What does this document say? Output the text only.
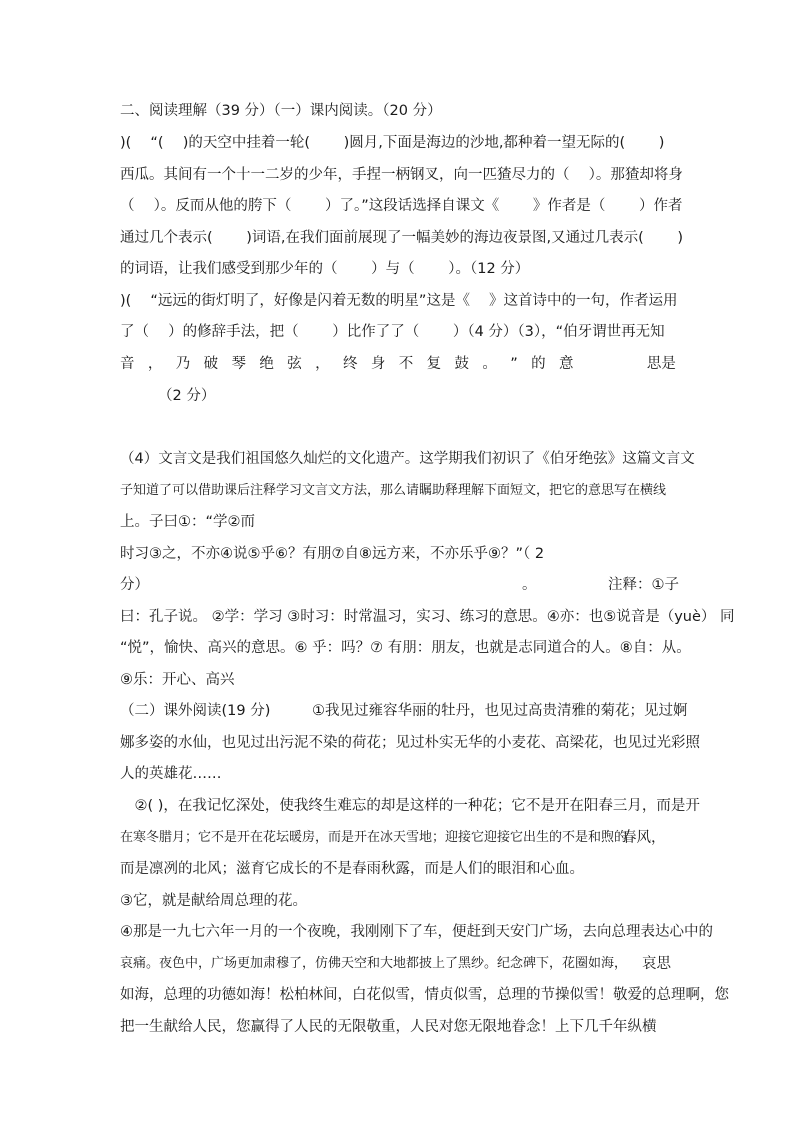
二、阅读理解（39 分）（一）课内阅读。（20 分）
)(　 “(　 )的天空中挂着一轮(　　 )圆月,下面是海边的沙地,都种着一望无际的(　　 )
西瓜。其间有一个十一二岁的少年，手捏一柄钢叉，向一匹猹尽力的（　 ）。那猹却将身
（　 ）。反而从他的胯下（　　 ）了。”这段话选择自课文《　　 》作者是（　　 ）作者
通过几个表示(　　 )词语,在我们面前展现了一幅美妙的海边夜景图,又通过几表示(　　 )
的词语，让我们感受到那少年的（　　 ）与（　　 ）。（12 分）
)(　 “远远的街灯明了，好像是闪着无数的明星”这是《　 》这首诗中的一句，作者运用
了（　 ）的修辞手法，把（　　 ）比作了了（　　 ）（4 分）（3），“伯牙谓世再无知
音 ， 乃 破 琴 绝 弦 ， 终 身 不 复 鼓 。 ” 的 意	思是
（2 分）
（4）文言文是我们祖国悠久灿烂的文化遗产。这学期我们初识了《伯牙绝弦》这篇文言文
子知道了可以借助课后注释学习文言文方法，那么请瞩助释理解下面短文，把它的意思写在横线
上。子曰①：“学②而
时习③之，不亦④说⑤乎⑥？有朋⑦自⑧远方来，不亦乐乎⑨？”（ 2
分）	。	注释：①子
曰：孔子说。 ②学：学习 ③时习：时常温习，实习、练习的意思。④亦：也⑤说音是（yuè） 同
“悦”，愉快、高兴的意思。⑥ 乎：吗？⑦ 有朋：朋友，也就是志同道合的人。⑧自：从。
⑨乐：开心、高兴
（二）课外阅读(19 分)	①我见过雍容华丽的牡丹，也见过高贵清雅的菊花；见过婀
娜多姿的水仙，也见过出污泥不染的荷花；见过朴实无华的小麦花、高梁花，也见过光彩照
人的英雄花……
　②( )，在我记忆深处，使我终生难忘的却是这样的一种花；它不是开在阳春三月，而是开
在寒冬腊月；它不是开在花坛暖房，而是开在冰天雪地；迎接它迎接它出生的不是和煦的
春风，
而是凛冽的北风；滋育它成长的不是春雨秋露，而是人们的眼泪和心血。
③它，就是献给周总理的花。
④那是一九七六年一月的一个夜晚，我刚刚下了车，便赶到天安门广场，去向总理表达心中的
哀痛。夜色中，广场更加肃穆了，仿佛天空和大地都披上了黑纱。纪念碑下，花圈如海， 哀思
如海，总理的功德如海！松柏林间，白花似雪，情贞似雪，总理的节操似雪！敬爱的总理啊，您
把一生献给人民，您赢得了人民的无限敬重，人民对您无限地眷念！上下几千年纵横
